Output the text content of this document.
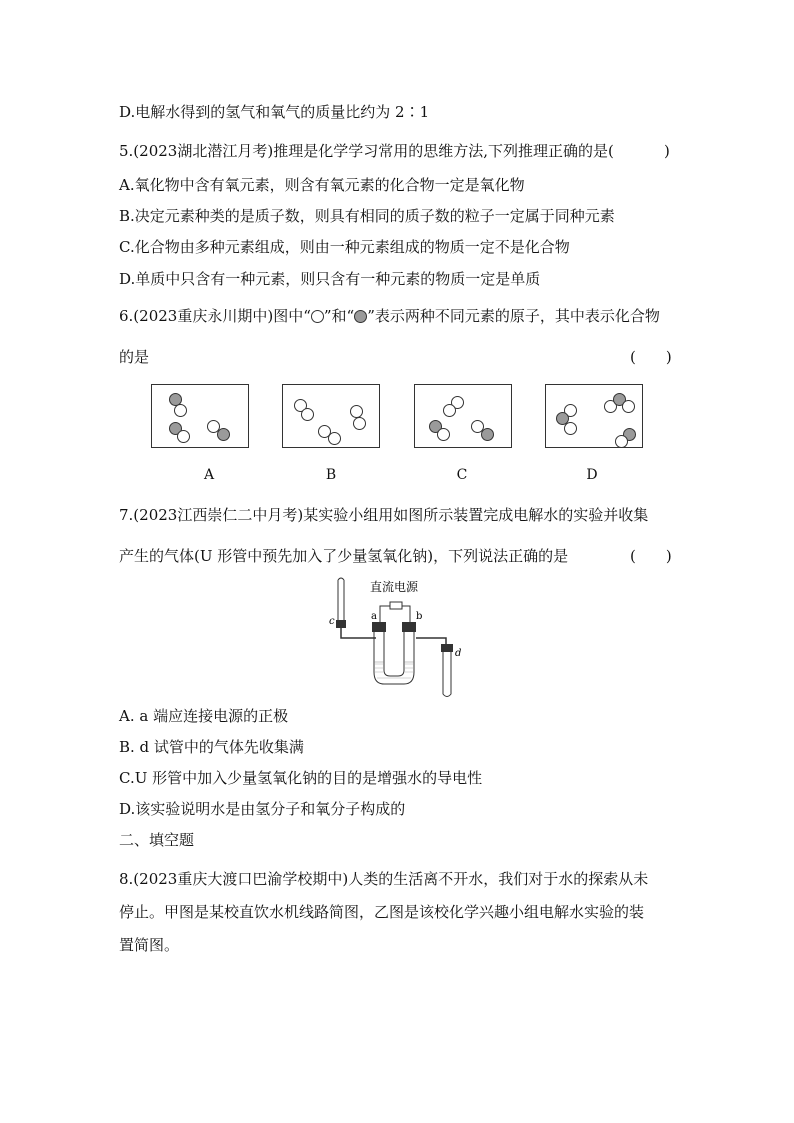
D.电解水得到的氢气和氧气的质量比约为 2∶1
5.(2023湖北潜江月考)推理是化学学习常用的思维方法,下列推理正确的是(	)
A.氧化物中含有氧元素，则含有氧元素的化合物一定是氧化物
B.决定元素种类的是质子数，则具有相同的质子数的粒子一定属于同种元素
C.化合物由多种元素组成，则由一种元素组成的物质一定不是化合物
D.单质中只含有一种元素，则只含有一种元素的物质一定是单质
6.(2023重庆永川期中)图中“ ”和“ ”表示两种不同元素的原子，其中表示化合物
的是	(　　)
A	B	C	D
7.(2023江西崇仁二中月考)某实验小组用如图所示装置完成电解水的实验并收集
产生的气体(U 形管中预先加入了少量氢氧化钠)，下列说法正确的是	(　　)
直流电源
c	a	b
d
A. a 端应连接电源的正极
B. d 试管中的气体先收集满
C.U 形管中加入少量氢氧化钠的目的是增强水的导电性
D.该实验说明水是由氢分子和氧分子构成的
二、填空题
8.(2023重庆大渡口巴渝学校期中)人类的生活离不开水，我们对于水的探索从未
停止。甲图是某校直饮水机线路简图，乙图是该校化学兴趣小组电解水实验的装
置简图。
